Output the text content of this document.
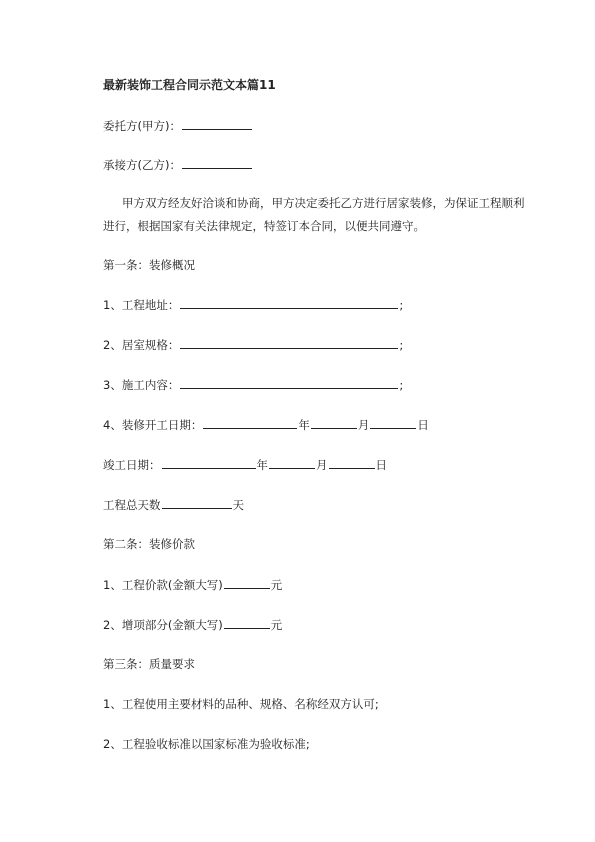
最新装饰工程合同示范文本篇11
委托方(甲方)：
承接方(乙方)：
甲方双方经友好洽谈和协商，甲方决定委托乙方进行居家装修，为保证工程顺利
进行，根据国家有关法律规定，特签订本合同，以便共同遵守。
第一条：装修概况
1、工程地址：	;
2、居室规格：	;
3、施工内容：	;
4、装修开工日期：	年	月	日
竣工日期：	年	月	日
工程总天数	天
第二条：装修价款
1、工程价款(金额大写)	元
2、增项部分(金额大写)	元
第三条：质量要求
1、工程使用主要材料的品种、规格、名称经双方认可;
2、工程验收标准以国家标准为验收标准;
